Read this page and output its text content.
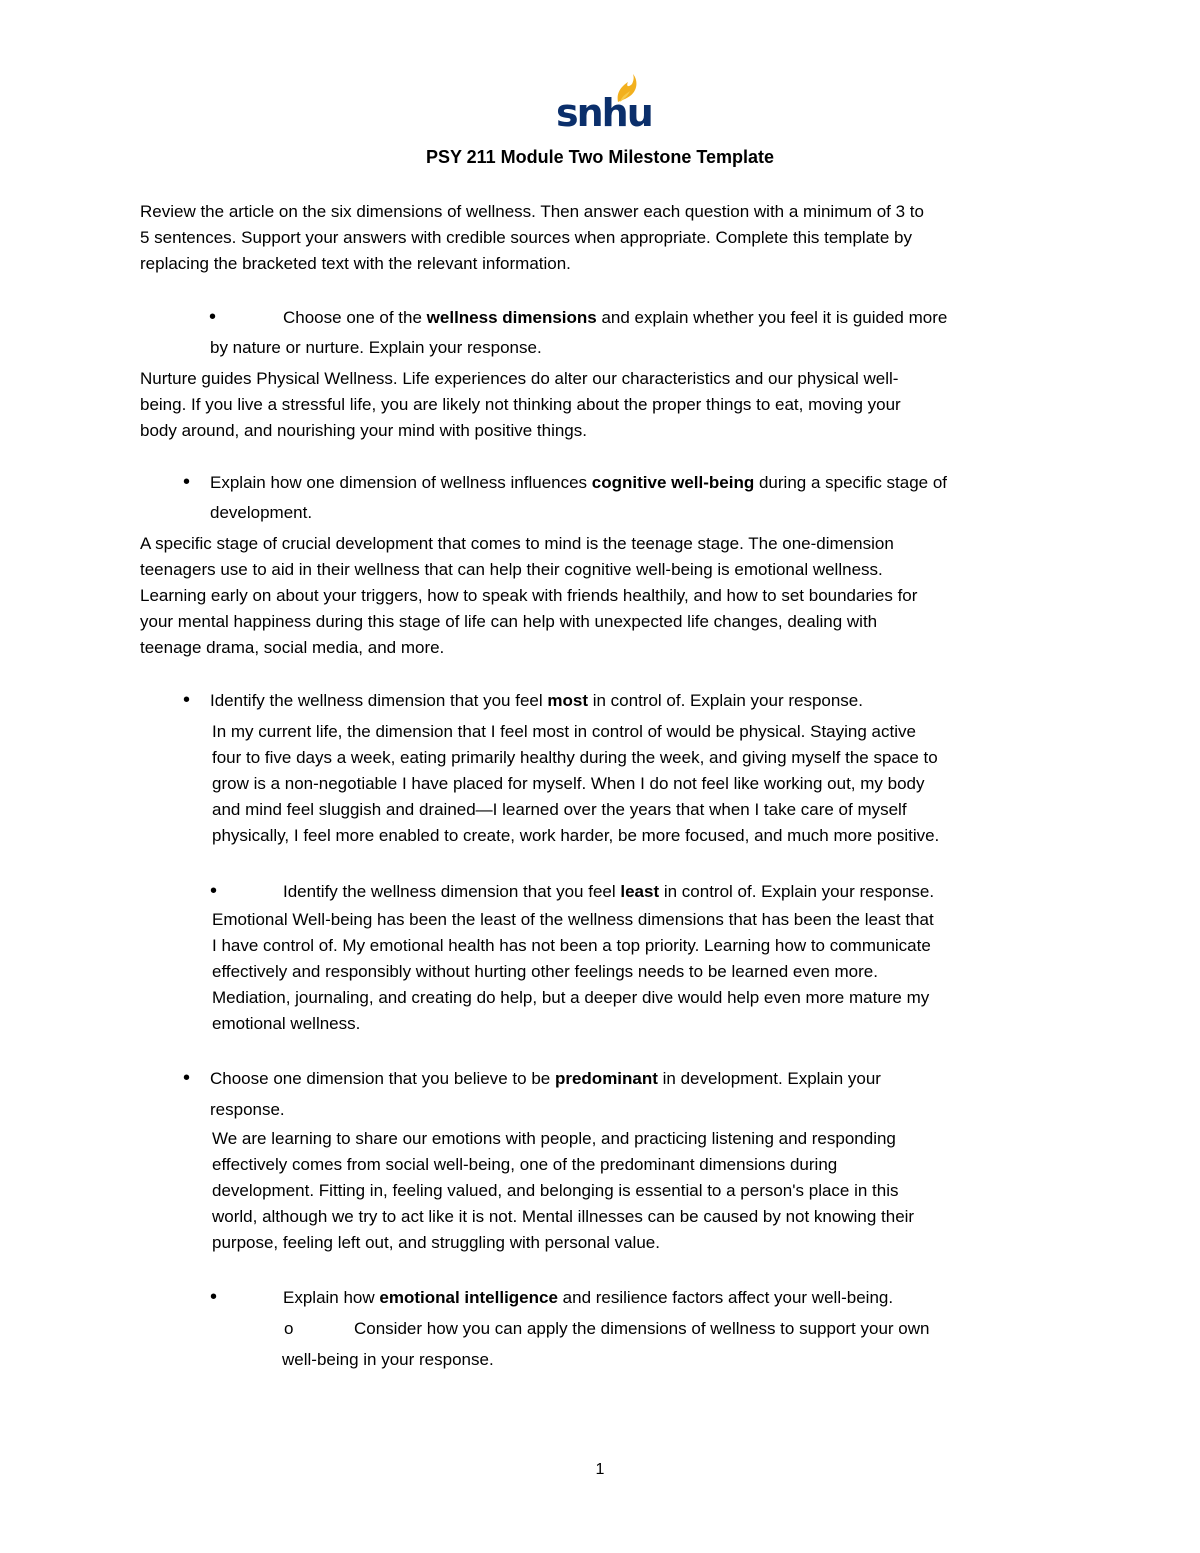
snhu
PSY 211 Module Two Milestone Template

Review the article on the six dimensions of wellness. Then answer each question with a minimum of 3 to

5 sentences. Support your answers with credible sources when appropriate. Complete this template by

replacing the bracketed text with the relevant information.

•	Choose one of the wellness dimensions and explain whether you feel it is guided more

by nature or nurture. Explain your response.

Nurture guides Physical Wellness. Life experiences do alter our characteristics and our physical well-

being. If you live a stressful life, you are likely not thinking about the proper things to eat, moving your

body around, and nourishing your mind with positive things.

• Explain how one dimension of wellness influences cognitive well-being during a specific stage of

development.

A specific stage of crucial development that comes to mind is the teenage stage. The one-dimension

teenagers use to aid in their wellness that can help their cognitive well-being is emotional wellness.

Learning early on about your triggers, how to speak with friends healthily, and how to set boundaries for

your mental happiness during this stage of life can help with unexpected life changes, dealing with

teenage drama, social media, and more.

• Identify the wellness dimension that you feel most in control of. Explain your response.

In my current life, the dimension that I feel most in control of would be physical. Staying active

four to five days a week, eating primarily healthy during the week, and giving myself the space to

grow is a non-negotiable I have placed for myself. When I do not feel like working out, my body

and mind feel sluggish and drained—I learned over the years that when I take care of myself

physically, I feel more enabled to create, work harder, be more focused, and much more positive.

•	Identify the wellness dimension that you feel least in control of. Explain your response.

Emotional Well-being has been the least of the wellness dimensions that has been the least that

I have control of. My emotional health has not been a top priority. Learning how to communicate

effectively and responsibly without hurting other feelings needs to be learned even more.

Mediation, journaling, and creating do help, but a deeper dive would help even more mature my

emotional wellness.

• Choose one dimension that you believe to be predominant in development. Explain your

response.

We are learning to share our emotions with people, and practicing listening and responding

effectively comes from social well-being, one of the predominant dimensions during

development. Fitting in, feeling valued, and belonging is essential to a person's place in this

world, although we try to act like it is not. Mental illnesses can be caused by not knowing their

purpose, feeling left out, and struggling with personal value.

•	Explain how emotional intelligence and resilience factors affect your well-being.

o	Consider how you can apply the dimensions of wellness to support your own

well-being in your response.

1
